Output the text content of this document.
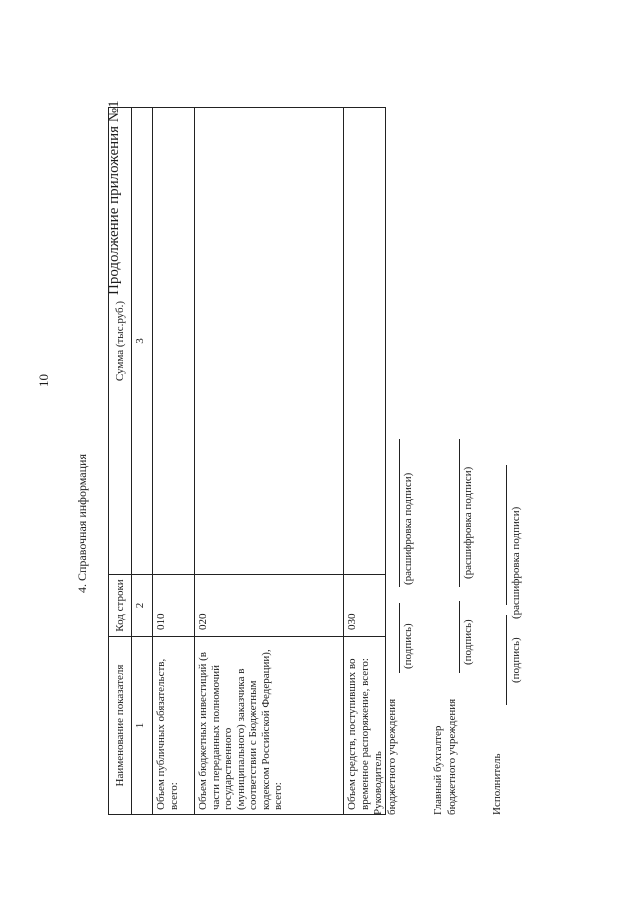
10
Продолжение приложения №1
4. Справочная информация
Наименование показателя	Код строки	Сумма (тыс.руб.)
1	2	3
Объем публичных обязательств, всего:	010	
Объем бюджетных инвестиций (в части переданных полномочий государственного (муниципального) заказчика в соответствии с Бюджетным кодексом Российской Федерации), всего:	020	
Объем средств, поступивших во временное распоряжение, всего:	030	
Руководитель бюджетного учреждения
(подпись)
(расшифровка подписи)
Главный бухгалтер бюджетного учреждения
(подпись)
(расшифровка подписи)
Исполнитель
(подпись)
(расшифровка подписи)
